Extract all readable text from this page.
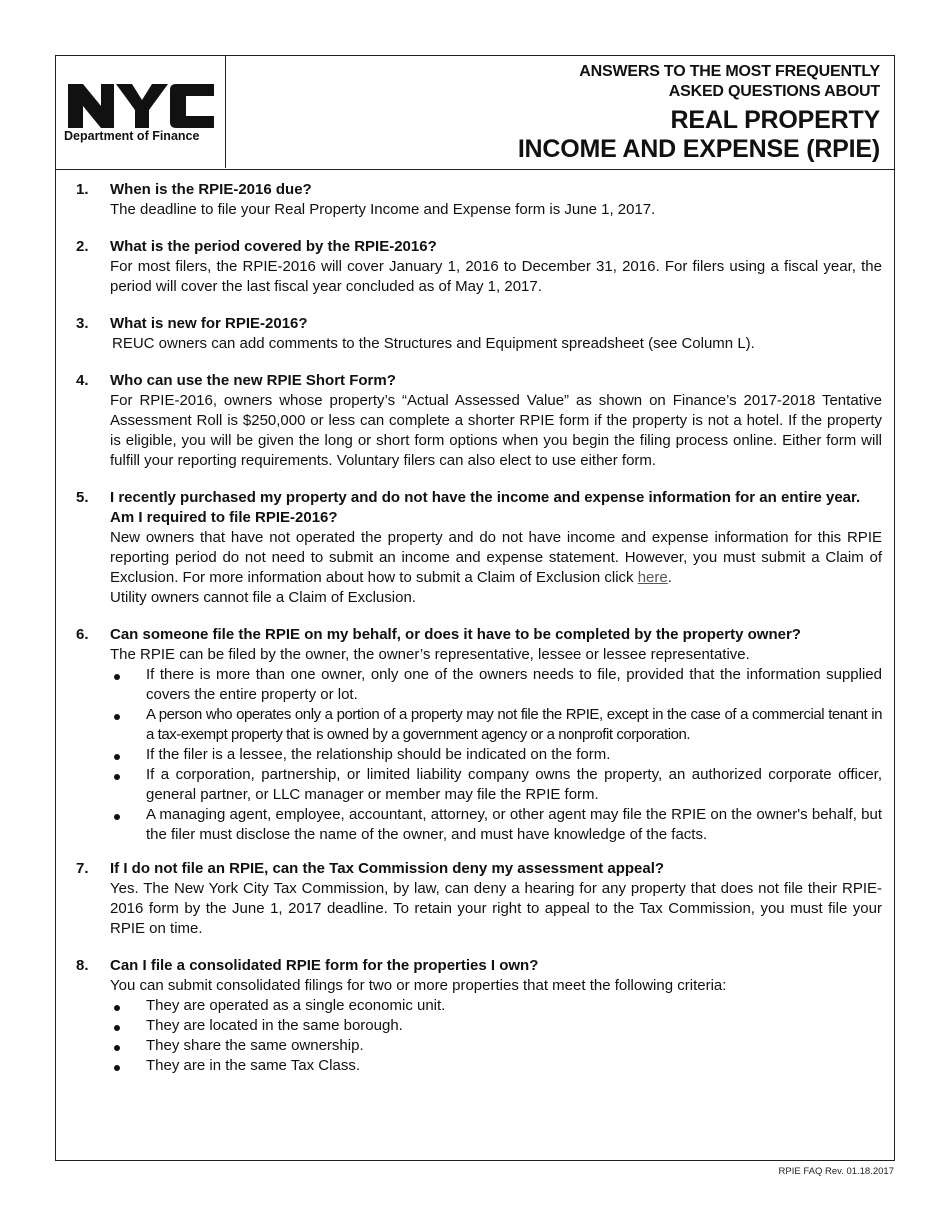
TM
Department of Finance
ANSWERS TO THE MOST FREQUENTLY
ASKED QUESTIONS ABOUT
REAL PROPERTY
INCOME AND EXPENSE (RPIE)
1. When is the RPIE-2016 due?
The deadline to file your Real Property Income and Expense form is June 1, 2017.
2. What is the period covered by the RPIE-2016?
For most filers, the RPIE-2016 will cover January 1, 2016 to December 31, 2016. For filers using a fiscal year, the period will cover the last fiscal year concluded as of May 1, 2017.
3. What is new for RPIE-2016?
REUC owners can add comments to the Structures and Equipment spreadsheet (see Column L).
4. Who can use the new RPIE Short Form?
For RPIE-2016, owners whose property’s “Actual Assessed Value” as shown on Finance’s 2017-2018 Tentative Assessment Roll is $250,000 or less can complete a shorter RPIE form if the property is not a hotel. If the property is eligible, you will be given the long or short form options when you begin the filing process online. Either form will fulfill your reporting requirements. Voluntary filers can also elect to use either form.
5. I recently purchased my property and do not have the income and expense information for an entire year. Am I required to file RPIE-2016?
New owners that have not operated the property and do not have income and expense information for this RPIE reporting period do not need to submit an income and expense statement. However, you must submit a Claim of Exclusion. For more information about how to submit a Claim of Exclusion click here.
Utility owners cannot file a Claim of Exclusion.
6. Can someone file the RPIE on my behalf, or does it have to be completed by the property owner?
The RPIE can be filed by the owner, the owner’s representative, lessee or lessee representative.
If there is more than one owner, only one of the owners needs to file, provided that the information supplied covers the entire property or lot.
A person who operates only a portion of a property may not file the RPIE, except in the case of a commercial tenant in a tax-exempt property that is owned by a government agency or a nonprofit corporation.
If the filer is a lessee, the relationship should be indicated on the form.
If a corporation, partnership, or limited liability company owns the property, an authorized corporate officer, general partner, or LLC manager or member may file the RPIE form.
A managing agent, employee, accountant, attorney, or other agent may file the RPIE on the owner's behalf, but the filer must disclose the name of the owner, and must have knowledge of the facts.
7. If I do not file an RPIE, can the Tax Commission deny my assessment appeal?
Yes. The New York City Tax Commission, by law, can deny a hearing for any property that does not file their RPIE-2016 form by the June 1, 2017 deadline. To retain your right to appeal to the Tax Commission, you must file your RPIE on time.
8. Can I file a consolidated RPIE form for the properties I own?
You can submit consolidated filings for two or more properties that meet the following criteria:
They are operated as a single economic unit.
They are located in the same borough.
They share the same ownership.
They are in the same Tax Class.
RPIE FAQ Rev. 01.18.2017
